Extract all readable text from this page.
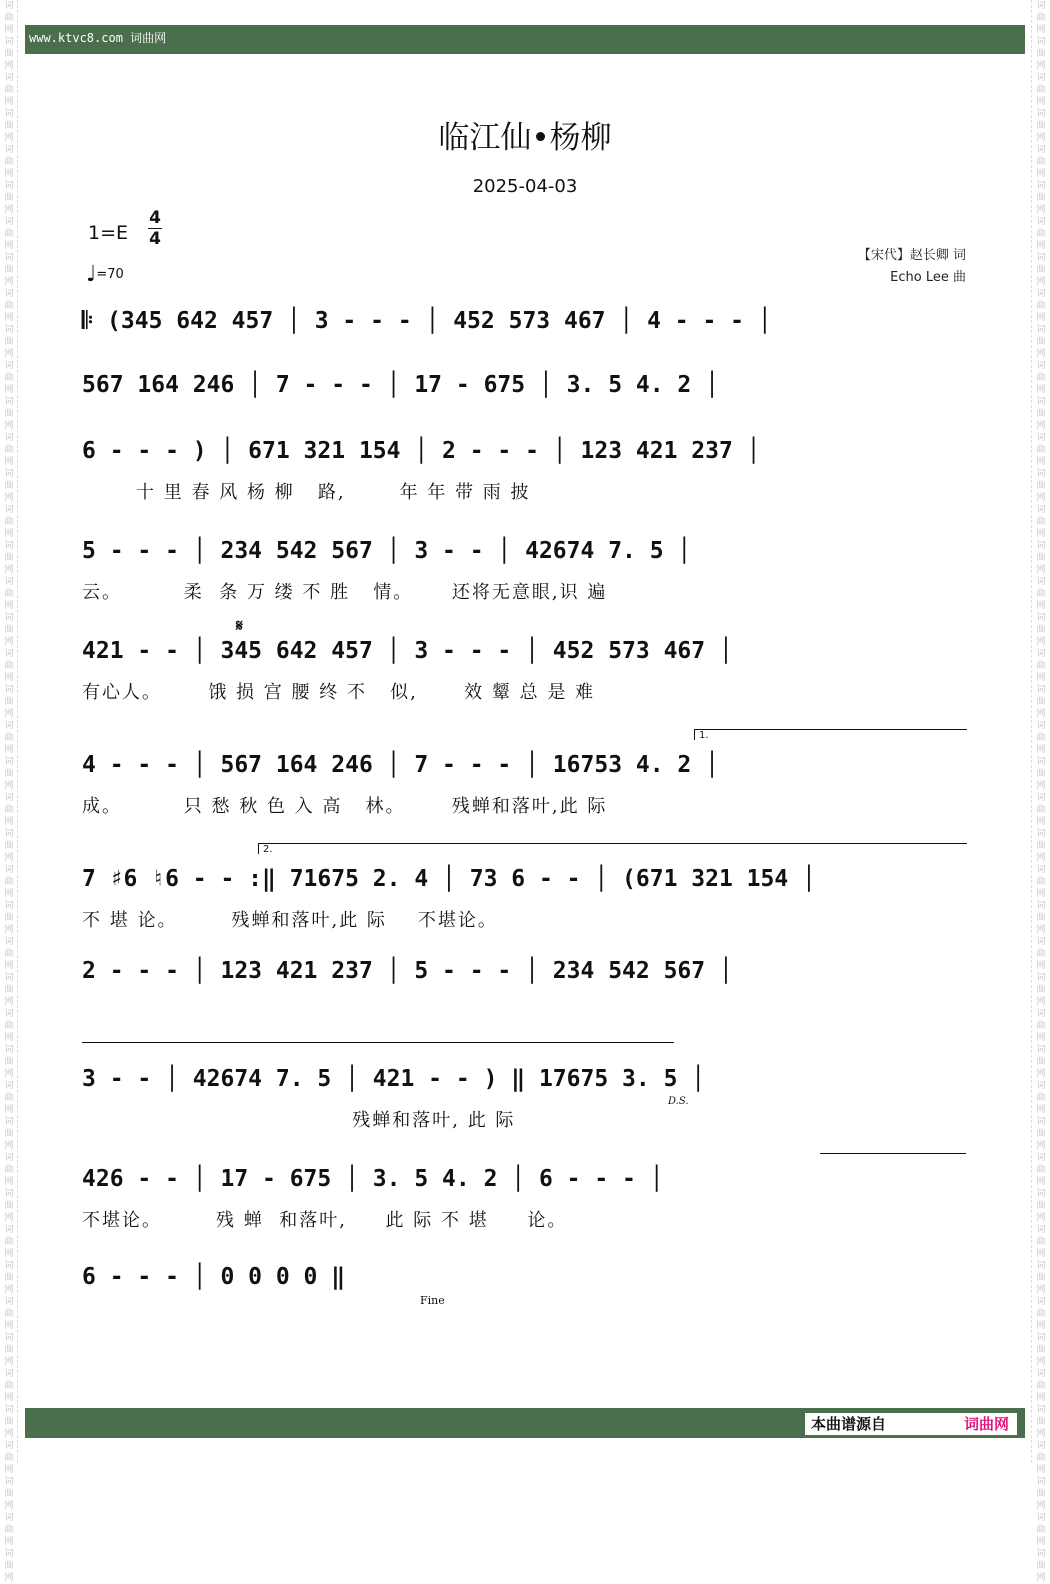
词曲网词曲网词曲网词曲网词曲网词曲网词曲网词曲网词曲网词曲网词曲网词曲网词曲网词曲网词曲网词曲网词曲网词曲网词曲网词曲网词曲网词曲网词曲网词曲网词曲网词曲网词曲网词曲网词曲网词曲网词曲网词曲网词曲网词曲网词曲网词曲网词曲网词曲网词曲网词曲网词曲网词曲网词曲网词曲网
词曲网词曲网词曲网词曲网词曲网词曲网词曲网词曲网词曲网词曲网词曲网词曲网词曲网词曲网词曲网词曲网词曲网词曲网词曲网词曲网词曲网词曲网词曲网词曲网词曲网词曲网词曲网词曲网词曲网词曲网词曲网词曲网词曲网词曲网词曲网词曲网词曲网词曲网词曲网词曲网词曲网词曲网词曲网词曲网
www.ktvc8.com 词曲网
临江仙•杨柳
2025-04-03
1=E
4
4
♩=70
【宋代】赵长卿 词
Echo Lee 曲
𝄆 (345 642 457 │ 3 - - - │ 452 573 467 │ 4 - - - │
567 164 246 │ 7 - - - │ 17 - 675 │ 3. 5 4. 2 │
6 - - - ) │ 671 321 154 │ 2 - - - │ 123 421 237 │
十 里 春 风 杨 柳   路,       年 年 带 雨 披
5 - - - │ 234 542 567 │ 3 - - │ 42674 7. 5 │
云。        柔  条 万 缕 不 胜   情。     还将无意眼,识 遍
𝄋
421 - - │ 345 642 457 │ 3 - - - │ 452 573 467 │
有心人。      饿 损 宫 腰 终 不   似,      效 颦 总 是 难
1.
4 - - - │ 567 164 246 │ 7 - - - │ 16753 4. 2 │
成。        只 愁 秋 色 入 高   林。      残蝉和落叶,此 际
2.
7 ♯6 ♮6 - - :‖ 71675 2. 4 │ 73 6 - - │ (671 321 154 │
不 堪 论。       残蝉和落叶,此 际    不堪论。
2 - - - │ 123 421 237 │ 5 - - - │ 234 542 567 │
3 - - │ 42674 7. 5 │ 421 - - ) ‖ 17675 3. 5 │
残蝉和落叶, 此 际
D.S.
426 - - │ 17 - 675 │ 3. 5 4. 2 │ 6 - - - │
不堪论。       残 蝉  和落叶,     此 际 不 堪     论。
6 - - - │ 0 0 0 0 ‖
Fine
本曲谱源自	词曲网
